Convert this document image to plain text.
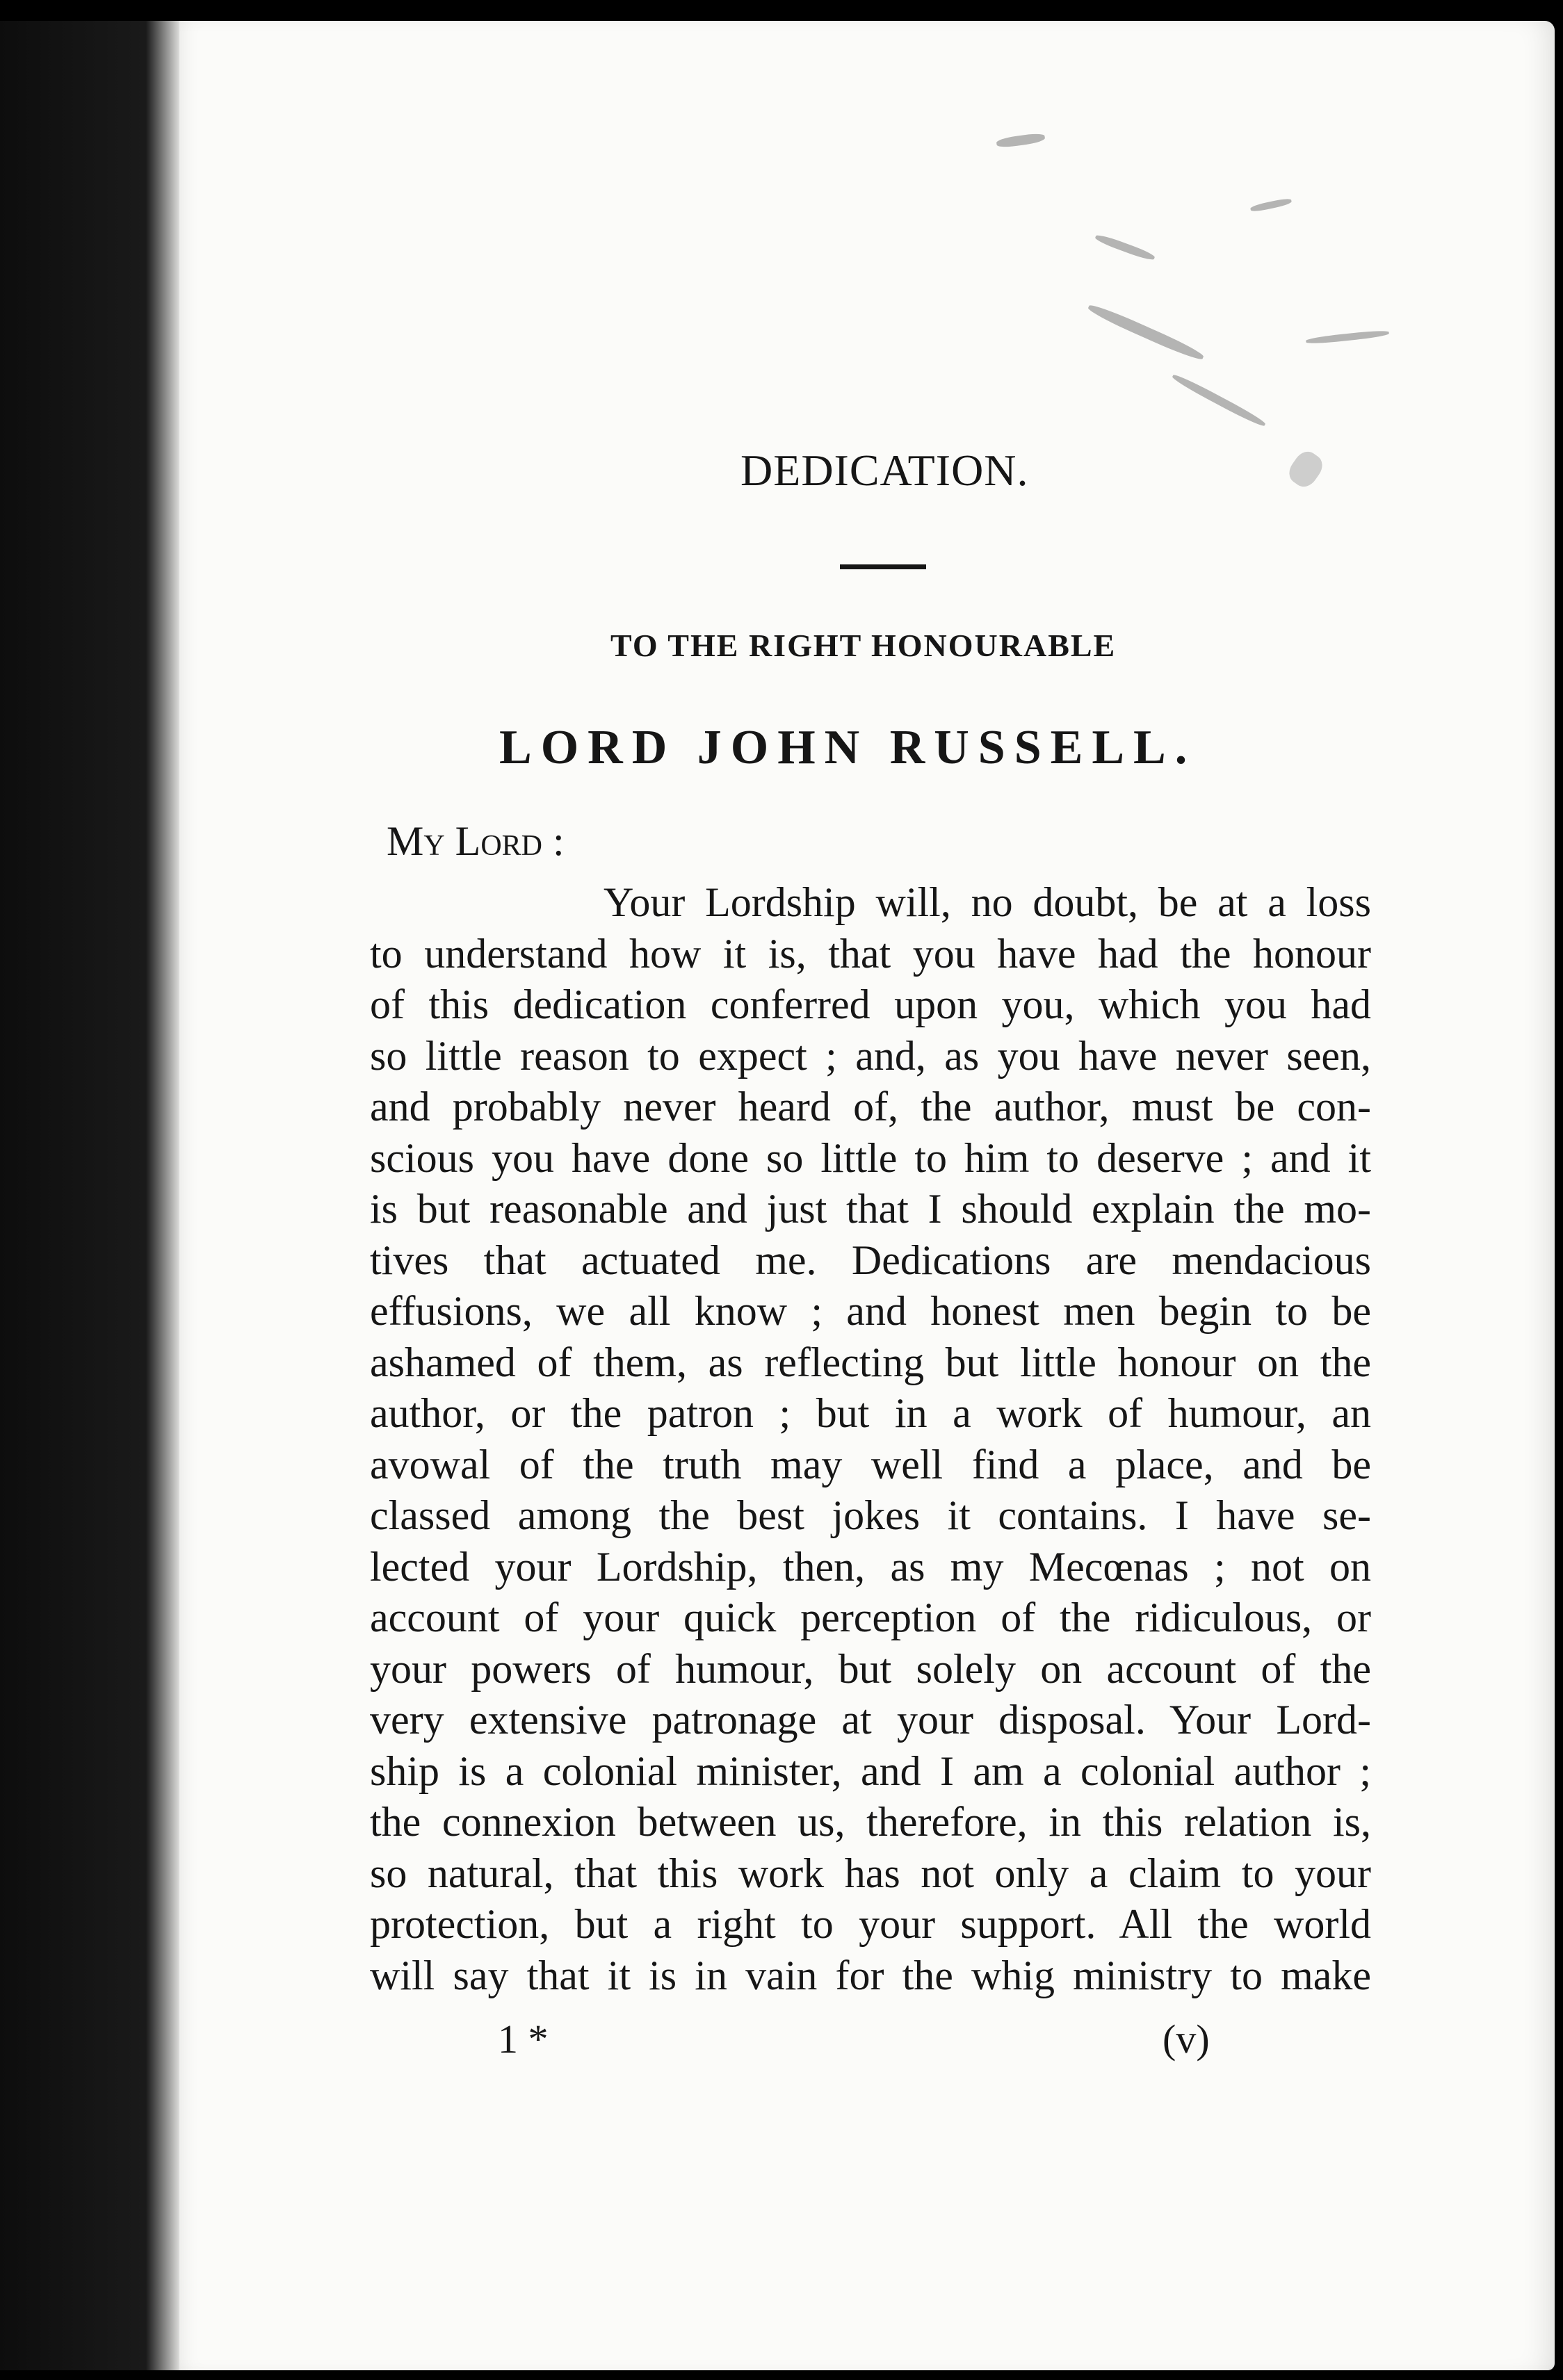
DEDICATION.
TO THE RIGHT HONOURABLE
LORD JOHN RUSSELL.
My Lord :
Your Lordship will, no doubt, be at a loss
to understand how it is, that you have had the honour
of this dedication conferred upon you, which you had
so little reason to expect ; and, as you have never seen,
and probably never heard of, the author, must be con-
scious you have done so little to him to deserve ; and it
is but reasonable and just that I should explain the mo-
tives that actuated me. Dedications are mendacious
effusions, we all know ; and honest men begin to be
ashamed of them, as reflecting but little honour on the
author, or the patron ; but in a work of humour, an
avowal of the truth may well find a place, and be
classed among the best jokes it contains. I have se-
lected your Lordship, then, as my Mecœnas ; not on
account of your quick perception of the ridiculous, or
your powers of humour, but solely on account of the
very extensive patronage at your disposal. Your Lord-
ship is a colonial minister, and I am a colonial author ;
the connexion between us, therefore, in this relation is,
so natural, that this work has not only a claim to your
protection, but a right to your support. All the world
will say that it is in vain for the whig ministry to make
1 *	(v)
